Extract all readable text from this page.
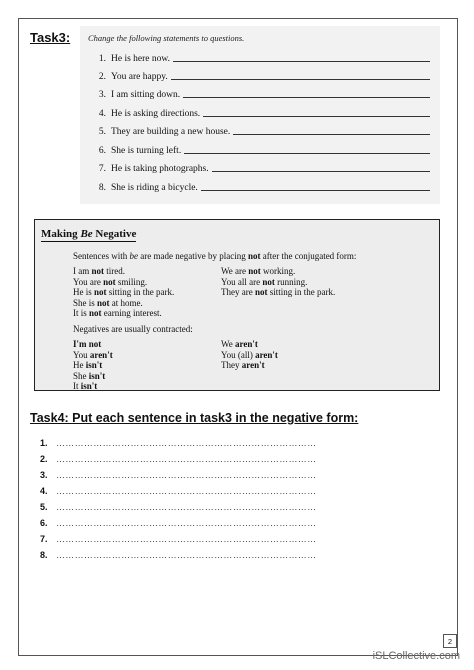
Task3: Change the following statements to questions.
1. He is here now.
2. You are happy.
3. I am sitting down.
4. He is asking directions.
5. They are building a new house.
6. She is turning left.
7. He is taking photographs.
8. She is riding a bicycle.
Making Be Negative
Sentences with be are made negative by placing not after the conjugated form:
I am not tired.
You are not smiling.
He is not sitting in the park.
She is not at home.
It is not earning interest.
We are not working.
You all are not running.
They are not sitting in the park.
Negatives are usually contracted:
I'm not
You aren't
He isn't
She isn't
It isn't
We aren't
You (all) aren't
They aren't
Task4: Put each sentence in task3 in the negative form:
1. …………………………………………………………………………
2. …………………………………………………………………………
3. …………………………………………………………………………
4. …………………………………………………………………………
5. …………………………………………………………………………
6. …………………………………………………………………………
7. …………………………………………………………………………
8. …………………………………………………………………………
2
iSLCollective.com
